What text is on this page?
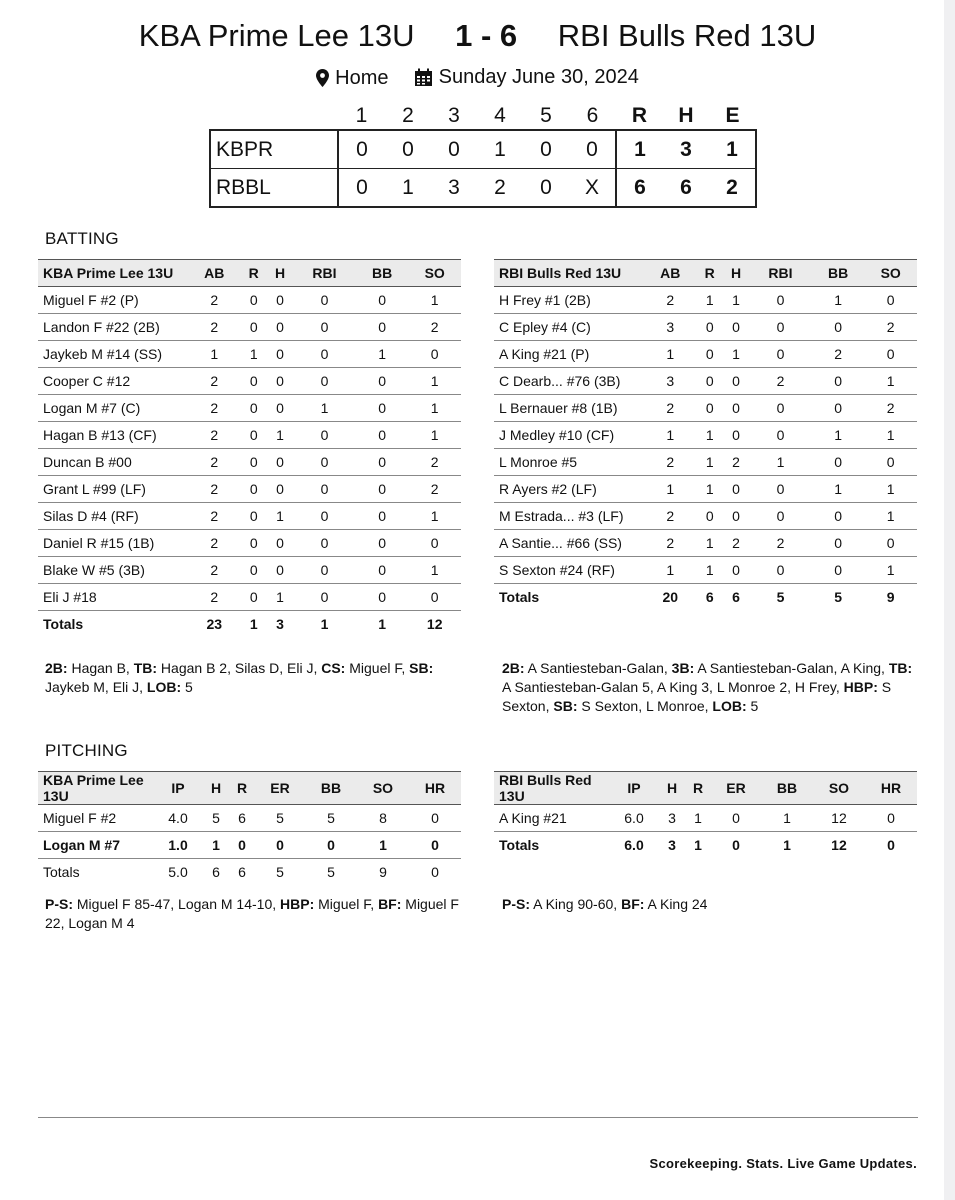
KBA Prime Lee 13U 1 - 6 RBI Bulls Red 13U
Home
	Sunday June 30, 2024
	1	2	3	4	5	6	R	H	E
KBPR	0	0	0	1	0	0	1	3	1
RBBL	0	1	3	2	0	X	6	6	2
BATTING
KBA Prime Lee 13U	AB	R	H	RBI	BB	SO
Miguel F #2 (P)	2	0	0	0	0	1
Landon F #22 (2B)	2	0	0	0	0	2
Jaykeb M #14 (SS)	1	1	0	0	1	0
Cooper C #12	2	0	0	0	0	1
Logan M #7 (C)	2	0	0	1	0	1
Hagan B #13 (CF)	2	0	1	0	0	1
Duncan B #00	2	0	0	0	0	2
Grant L #99 (LF)	2	0	0	0	0	2
Silas D #4 (RF)	2	0	1	0	0	1
Daniel R #15 (1B)	2	0	0	0	0	0
Blake W #5 (3B)	2	0	0	0	0	1
Eli J #18	2	0	1	0	0	0
Totals	23	1	3	1	1	12
RBI Bulls Red 13U	AB	R	H	RBI	BB	SO
H Frey #1 (2B)	2	1	1	0	1	0
C Epley #4 (C)	3	0	0	0	0	2
A King #21 (P)	1	0	1	0	2	0
C Dearb... #76 (3B)	3	0	0	2	0	1
L Bernauer #8 (1B)	2	0	0	0	0	2
J Medley #10 (CF)	1	1	0	0	1	1
L Monroe #5	2	1	2	1	0	0
R Ayers #2 (LF)	1	1	0	0	1	1
M Estrada... #3 (LF)	2	0	0	0	0	1
A Santie... #66 (SS)	2	1	2	2	0	0
S Sexton #24 (RF)	1	1	0	0	0	1
Totals	20	6	6	5	5	9
2B: Hagan B, TB: Hagan B 2, Silas D, Eli J, CS: Miguel F, SB: Jaykeb M, Eli J, LOB: 5
2B: A Santiesteban-Galan, 3B: A Santiesteban-Galan, A King, TB: A Santiesteban-Galan 5, A King 3, L Monroe 2, H Frey, HBP: S Sexton, SB: S Sexton, L Monroe, LOB: 5
PITCHING
KBA Prime Lee 13U	IP	H	R	ER	BB	SO	HR
Miguel F #2	4.0	5	6	5	5	8	0
Logan M #7	1.0	1	0	0	0	1	0
Totals	5.0	6	6	5	5	9	0
RBI Bulls Red 13U	IP	H	R	ER	BB	SO	HR
A King #21	6.0	3	1	0	1	12	0
Totals	6.0	3	1	0	1	12	0
P-S: Miguel F 85-47, Logan M 14-10, HBP: Miguel F, BF: Miguel F 22, Logan M 4
P-S: A King 90-60, BF: A King 24
Scorekeeping. Stats. Live Game Updates.
